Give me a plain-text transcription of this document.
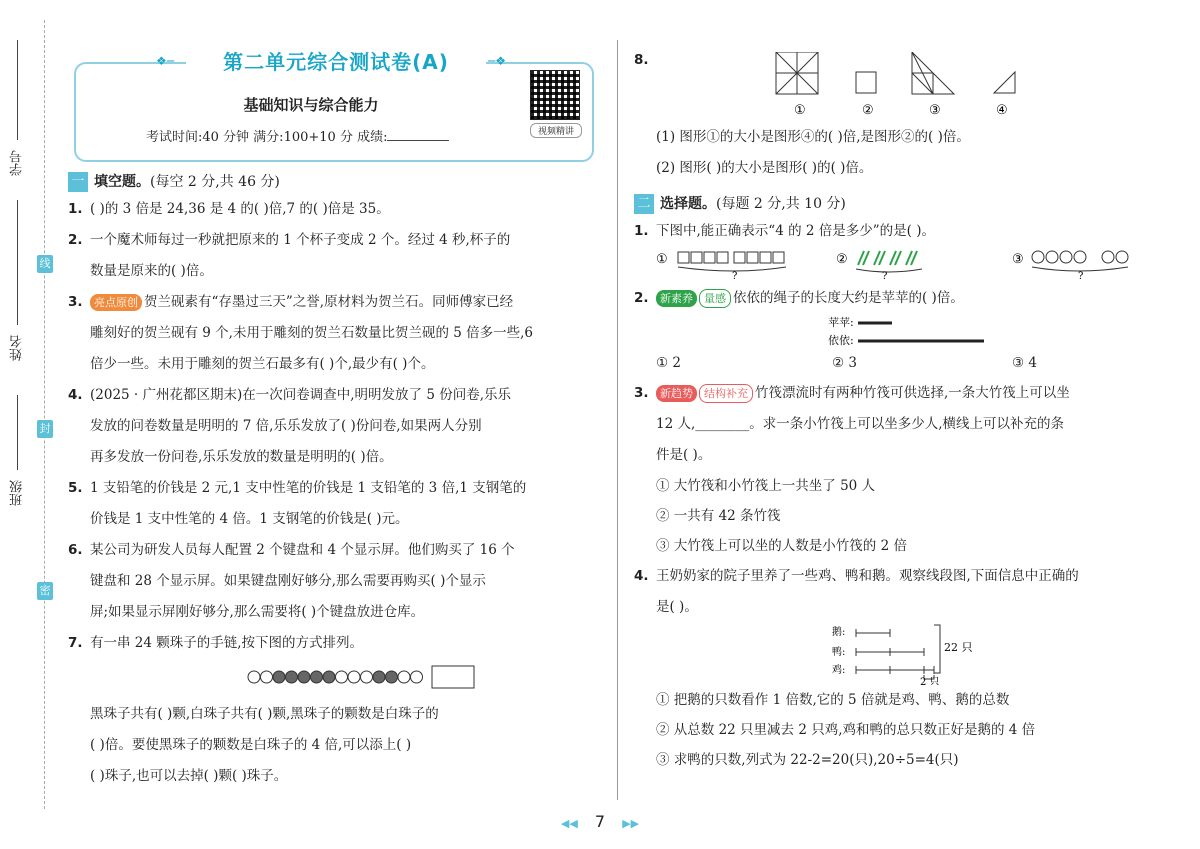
学号
姓名
班级
线
封
密
第二单元综合测试卷(A)
❖─	─❖
基础知识与综合能力
考试时间:40 分钟 满分:100+10 分 成绩:	视频精讲
一 填空题。(每空 2 分,共 46 分)
1. ( )的 3 倍是 24,36 是 4 的( )倍,7 的( )倍是 35。
2. 一个魔术师每过一秒就把原来的 1 个杯子变成 2 个。经过 4 秒,杯子的
数量是原来的( )倍。
3.	亮点原创 贺兰砚素有“存墨过三天”之誉,原材料为贺兰石。同师傅家已经
雕刻好的贺兰砚有 9 个,未用于雕刻的贺兰石数量比贺兰砚的 5 倍多一些,6
倍少一些。未用于雕刻的贺兰石最多有( )个,最少有( )个。
4. (2025 · 广州花都区期末)在一次问卷调查中,明明发放了 5 份问卷,乐乐
发放的问卷数量是明明的 7 倍,乐乐发放了( )份问卷,如果两人分别
再多发放一份问卷,乐乐发放的数量是明明的( )倍。
5. 1 支铅笔的价钱是 2 元,1 支中性笔的价钱是 1 支铅笔的 3 倍,1 支钢笔的
价钱是 1 支中性笔的 4 倍。1 支钢笔的价钱是( )元。
6. 某公司为研发人员每人配置 2 个键盘和 4 个显示屏。他们购买了 16 个
键盘和 28 个显示屏。如果键盘刚好够分,那么需要再购买( )个显示
屏;如果显示屏刚好够分,那么需要将( )个键盘放进仓库。
7. 有一串 24 颗珠子的手链,按下图的方式排列。
黑珠子共有( )颗,白珠子共有( )颗,黑珠子的颗数是白珠子的
( )倍。要使黑珠子的颗数是白珠子的 4 倍,可以添上( )
( )珠子,也可以去掉( )颗( )珠子。
8.
①	②	③	④
(1) 图形①的大小是图形④的( )倍,是图形②的( )倍。
(2) 图形( )的大小是图形( )的( )倍。
二 选择题。(每题 2 分,共 10 分)
1. 下图中,能正确表示“4 的 2 倍是多少”的是( )。
①
?
②
?
③
?
2.	新素养 量感 依依的绳子的长度大约是苹苹的( )倍。
苹苹:
依依:
① 2	② 3	③ 4
3.	新趋势 结构补充 竹筏漂流时有两种竹筏可供选择,一条大竹筏上可以坐
12 人,________。求一条小竹筏上可以坐多少人,横线上可以补充的条
件是( )。
① 大竹筏和小竹筏上一共坐了 50 人
② 一共有 42 条竹筏
③ 大竹筏上可以坐的人数是小竹筏的 2 倍
4. 王奶奶家的院子里养了一些鸡、鸭和鹅。观察线段图,下面信息中正确的
是( )。
鹅:
鸭:
鸡:
22 只
2 只
① 把鹅的只数看作 1 倍数,它的 5 倍就是鸡、鸭、鹅的总数
② 从总数 22 只里减去 2 只鸡,鸡和鸭的总只数正好是鹅的 4 倍
③ 求鸭的只数,列式为 22-2=20(只),20÷5=4(只)
◀◀ 7 ▶▶
